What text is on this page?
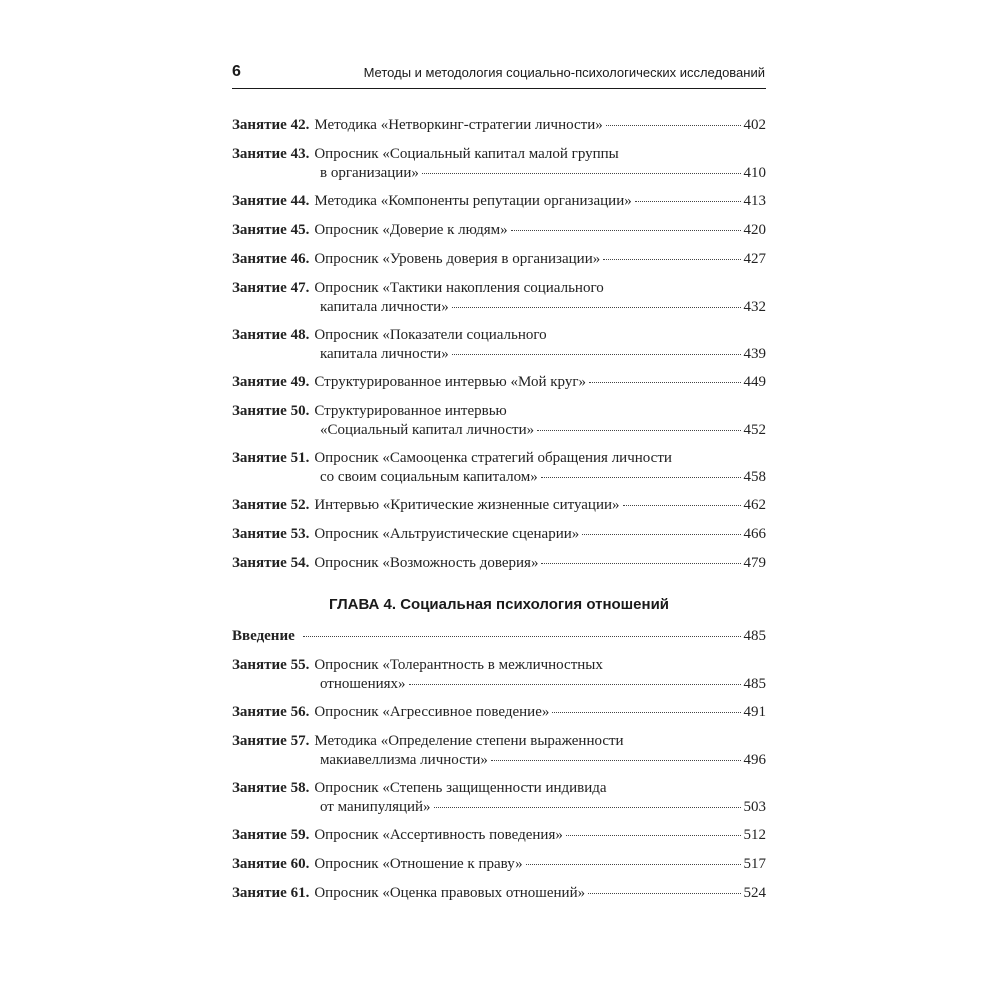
6	Методы и методология социально-психологических исследований
Занятие 42. Методика «Нетворкинг-стратегии личности»	402
Занятие 43. Опросник «Социальный капитал малой группы
в организации»	410
Занятие 44. Методика «Компоненты репутации организации»	413
Занятие 45. Опросник «Доверие к людям»	420
Занятие 46. Опросник «Уровень доверия в организации»	427
Занятие 47. Опросник «Тактики накопления социального
капитала личности»	432
Занятие 48. Опросник «Показатели социального
капитала личности»	439
Занятие 49. Структурированное интервью «Мой круг»	449
Занятие 50. Структурированное интервью
«Социальный капитал личности»	452
Занятие 51. Опросник «Самооценка стратегий обращения личности
со своим социальным капиталом»	458
Занятие 52. Интервью «Критические жизненные ситуации»	462
Занятие 53. Опросник «Альтруистические сценарии»	466
Занятие 54. Опросник «Возможность доверия»	479
ГЛАВА 4. Социальная психология отношений
Введение	485
Занятие 55. Опросник «Толерантность в межличностных
отношениях»	485
Занятие 56. Опросник «Агрессивное поведение»	491
Занятие 57. Методика «Определение степени выраженности
макиавеллизма личности»	496
Занятие 58. Опросник «Степень защищенности индивида
от манипуляций»	503
Занятие 59. Опросник «Ассертивность поведения»	512
Занятие 60. Опросник «Отношение к праву»	517
Занятие 61. Опросник «Оценка правовых отношений»	524
